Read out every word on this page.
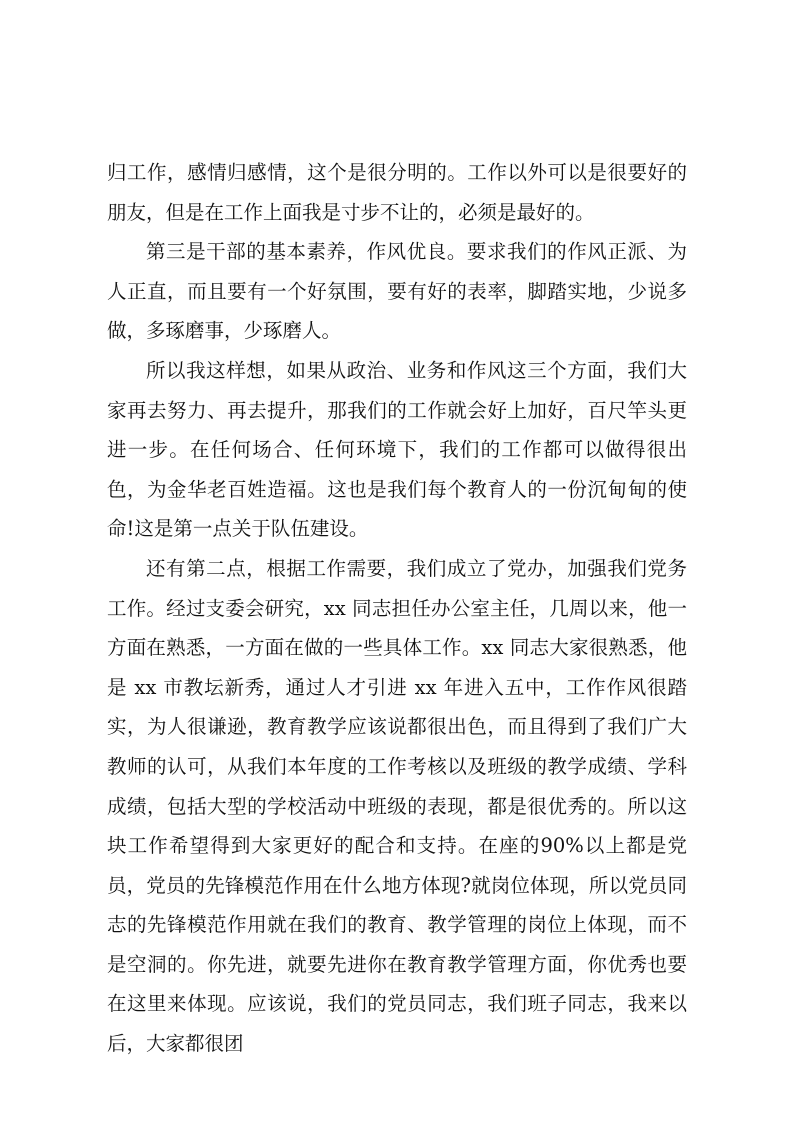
归工作，感情归感情，这个是很分明的。工作以外可以是很要好的朋友，但是在工作上面我是寸步不让的，必须是最好的。

第三是干部的基本素养，作风优良。要求我们的作风正派、为人正直，而且要有一个好氛围，要有好的表率，脚踏实地，少说多做，多琢磨事，少琢磨人。

所以我这样想，如果从政治、业务和作风这三个方面，我们大家再去努力、再去提升，那我们的工作就会好上加好，百尺竿头更进一步。在任何场合、任何环境下，我们的工作都可以做得很出色，为金华老百姓造福。这也是我们每个教育人的一份沉甸甸的使命!这是第一点关于队伍建设。

还有第二点，根据工作需要，我们成立了党办，加强我们党务工作。经过支委会研究，xx 同志担任办公室主任，几周以来，他一方面在熟悉，一方面在做的一些具体工作。xx 同志大家很熟悉，他是 xx 市教坛新秀，通过人才引进 xx 年进入五中，工作作风很踏实，为人很谦逊，教育教学应该说都很出色，而且得到了我们广大教师的认可，从我们本年度的工作考核以及班级的教学成绩、学科成绩，包括大型的学校活动中班级的表现，都是很优秀的。所以这块工作希望得到大家更好的配合和支持。在座的90%以上都是党员，党员的先锋模范作用在什么地方体现?就岗位体现，所以党员同志的先锋模范作用就在我们的教育、教学管理的岗位上体现，而不是空洞的。你先进，就要先进你在教育教学管理方面，你优秀也要在这里来体现。应该说，我们的党员同志，我们班子同志，我来以后，大家都很团
